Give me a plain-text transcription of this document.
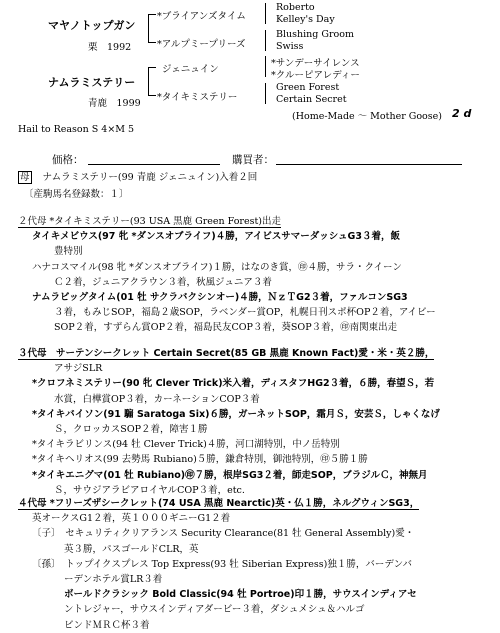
マヤノトップガン
栗　1992
ナムラミステリー
青鹿　1999
*ブライアンズタイム
*アルプミープリーズ
ジェニュイン
*タイキミステリー
Roberto
Kelley's Day
Blushing Groom
Swiss
*サンデーサイレンス
*クルーピアレディー
Green Forest
Certain Secret
(Home-Made ～ Mother Goose) 2 d
Hail to Reason S 4×M 5
価格：	購買者：
母 ナムラミステリー(99 青鹿 ジェニュイン)入着２回
〔産駒馬名登録数：１〕
２代母 *タイキミステリー(93 USA 黒鹿 Green Forest)出走
タイキメビウス(97 牝 *ダンスオブライフ)４勝，アイビスサマーダッシュG3３着，飯
豊特別
ハナコスマイル(98 牝 *ダンスオブライフ)１勝，はなのき賞，㊞４勝，サラ・クイーン
Ｃ２着，ジュニアクラウン３着，秋風ジュニア３着
ナムラビッグタイム(01 牡 サクラバクシンオー)４勝，ＮｚＴG2３着，ファルコンSG3
３着，もみじSOP，福島２歳SOP，ラベンダー賞OP，札幌日刊スポ杯OP２着，アイビー
SOP２着，すずらん賞OP２着，福島民友COP３着，葵SOP３着，㊞南関東出走
３代母　サーテンシークレット Certain Secret(85 GB 黒鹿 Known Fact)愛・米・英２勝，
アサジSLR
*クロフネミステリー(90 牝 Clever Trick)米入着，ディスタフHG2３着，６勝，春望Ｓ，若
水賞，白樺賞OP３着，カーネーションCOP３着
*タイキバイソン(91 騸 Saratoga Six)６勝，ガーネットSOP，霜月Ｓ，安芸Ｓ，しゃくなげ
Ｓ，クロッカスSOP２着，障害１勝
*タイキラビリンス(94 牡 Clever Trick)４勝，河口湖特別，中ノ岳特別
*タイキヘリオス(99 去勢馬 Rubiano)５勝，鎌倉特別，御池特別，㊞５勝１勝
*タイキエニグマ(01 牡 Rubiano)㊞７勝，根岸SG3２着，師走SOP，ブラジルＣ，神無月
Ｓ，サウジアラビアロイヤルCOP３着，etc.
４代母 *フリーズザシークレット(74 USA 黒鹿 Nearctic)英・仏１勝，ネルグウィンSG3，
英オークスG1２着，英１０００ギニーG1２着
〔子〕　セキュリティクリアランス Security Clearance(81 牡 General Assembly)愛・
英３勝，パスゴールドCLR，英
〔孫〕　トップイクスプレス Top Express(93 牡 Siberian Express)独１勝，バーデンバ
ーデンホテル賞LR３着
ボールドクラシック Bold Classic(94 牡 Portroe)印１勝，サウスインディアセ
ントレジャー，サウスインディアダービー３着，ダシュメシュ＆ハルゴ
ビンドＭＲＣ杯３着
